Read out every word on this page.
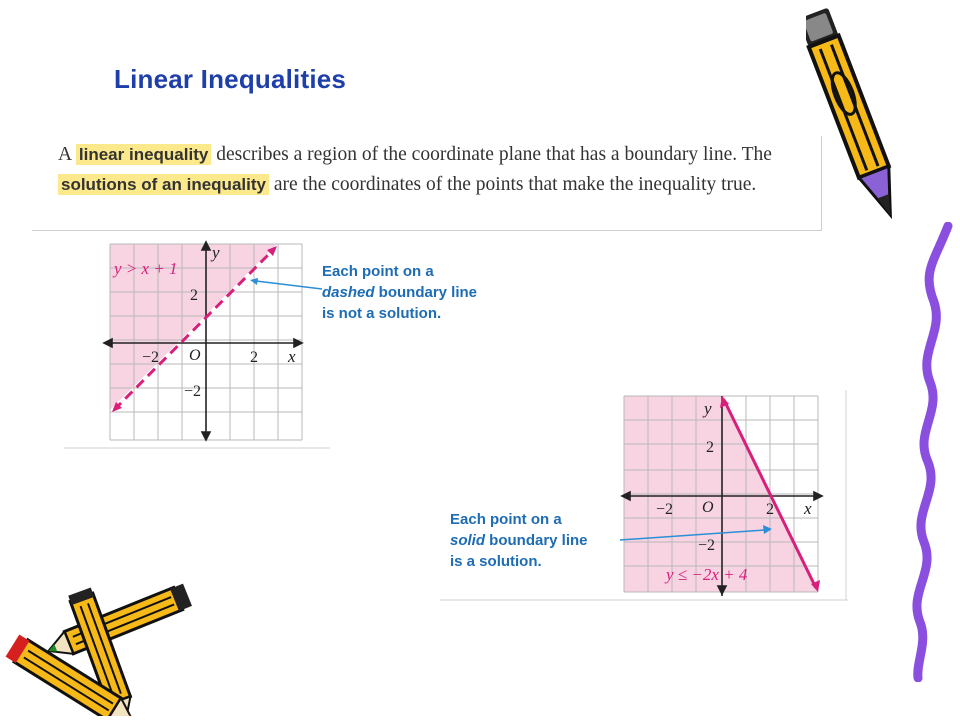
Linear Inequalities
A linear inequality describes a region of the coordinate plane that has a boundary line. The solutions of an inequality are the coordinates of the points that make the inequality true.
y
x
O
−2	2
2
−2
y > x + 1	Each point on a
dashed boundary line
is not a solution.
y
x
O
−2	2
2
−2
y ≤ −2x + 4
Each point on a
solid boundary line
is a solution.
